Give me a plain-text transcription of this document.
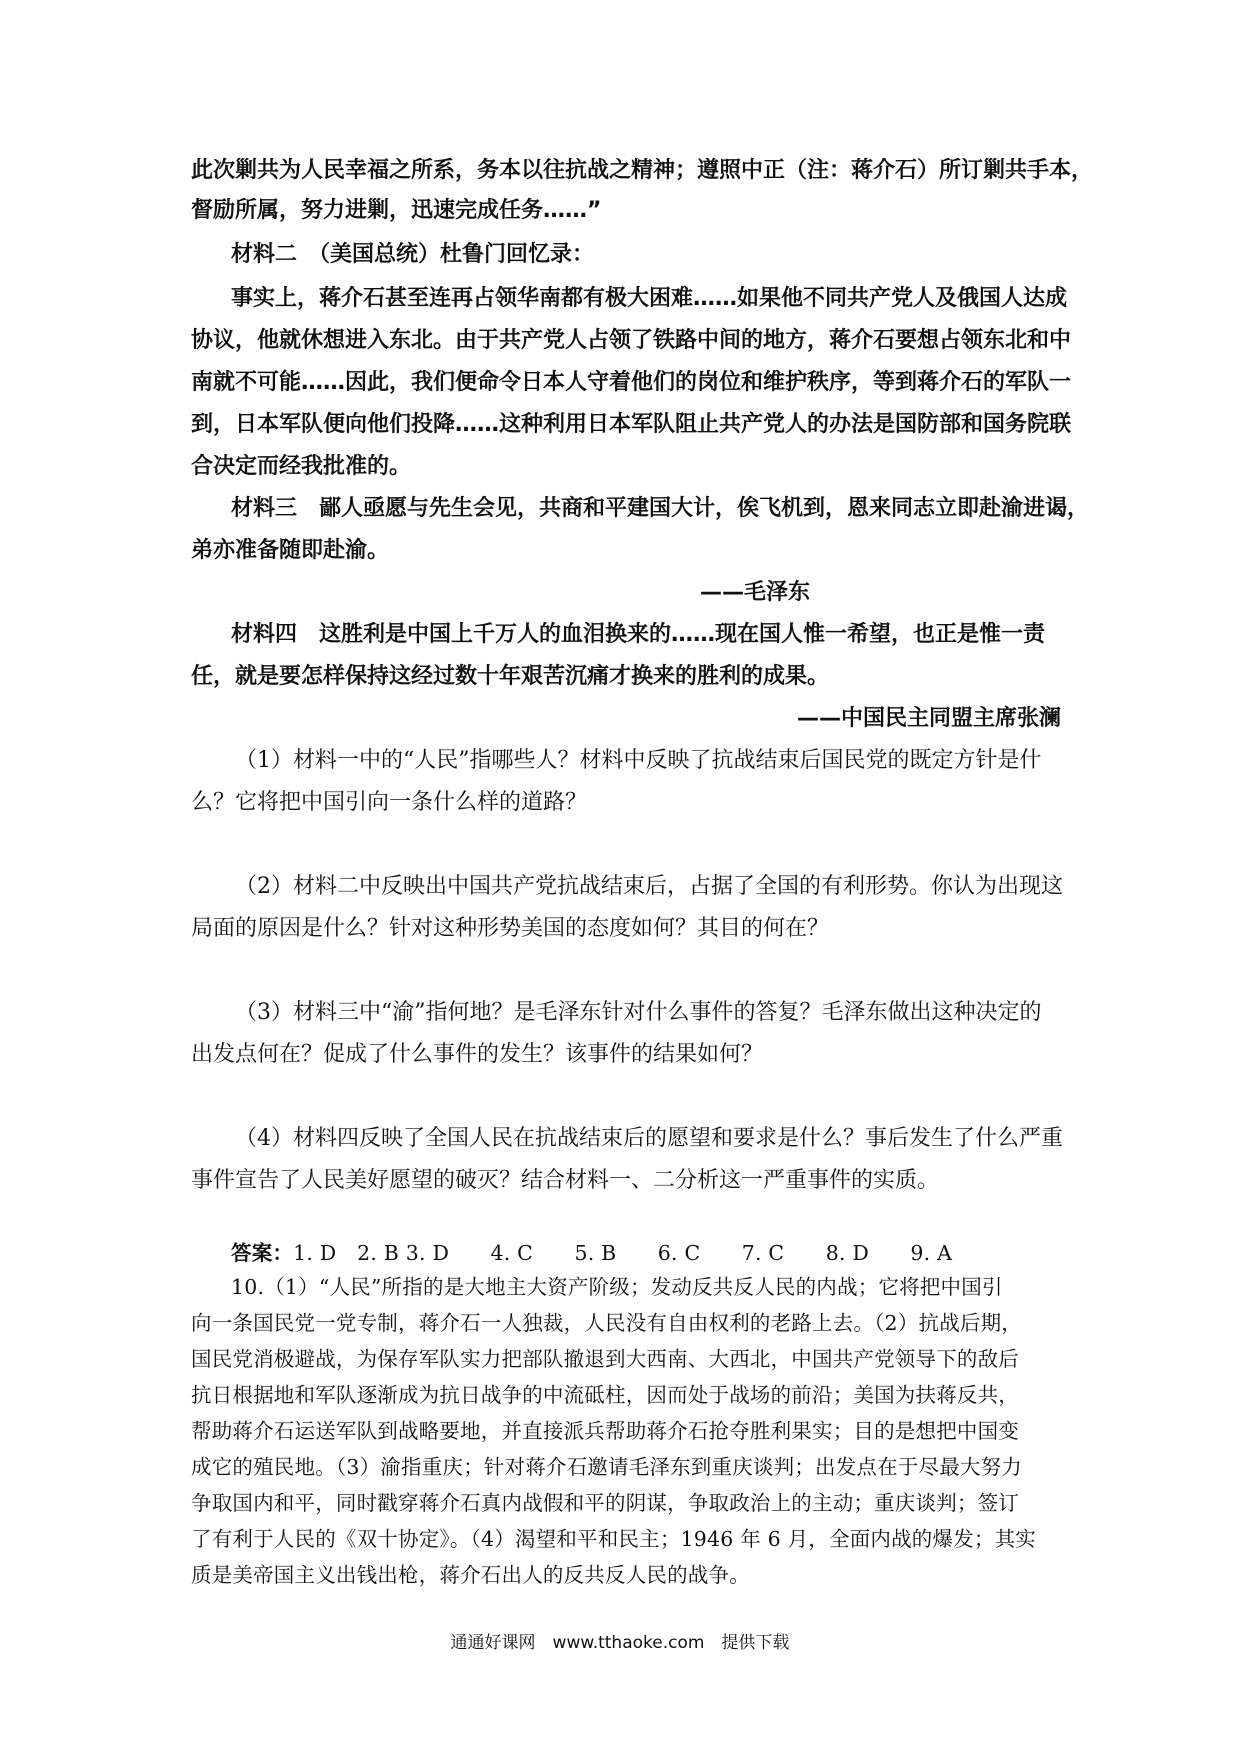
此次剿共为人民幸福之所系，务本以往抗战之精神；遵照中正（注：蒋介石）所订剿共手本，
督励所属，努力进剿，迅速完成任务……”
材料二　（美国总统）杜鲁门回忆录：
事实上，蒋介石甚至连再占领华南都有极大困难……如果他不同共产党人及俄国人达成
协议，他就休想进入东北。由于共产党人占领了铁路中间的地方，蒋介石要想占领东北和中
南就不可能……因此，我们便命令日本人守着他们的岗位和维护秩序，等到蒋介石的军队一
到，日本军队便向他们投降……这种利用日本军队阻止共产党人的办法是国防部和国务院联
合决定而经我批准的。
材料三　鄙人亟愿与先生会见，共商和平建国大计，俟飞机到，恩来同志立即赴渝进谒，
弟亦准备随即赴渝。
——毛泽东
材料四　这胜利是中国上千万人的血泪换来的……现在国人惟一希望，也正是惟一责
任，就是要怎样保持这经过数十年艰苦沉痛才换来的胜利的成果。
——中国民主同盟主席张澜
（1）材料一中的“人民”指哪些人？材料中反映了抗战结束后国民党的既定方针是什
么？它将把中国引向一条什么样的道路？
（2）材料二中反映出中国共产党抗战结束后，占据了全国的有利形势。你认为出现这
局面的原因是什么？针对这种形势美国的态度如何？其目的何在？
（3）材料三中“渝”指何地？是毛泽东针对什么事件的答复？毛泽东做出这种决定的
出发点何在？促成了什么事件的发生？该事件的结果如何？
（4）材料四反映了全国人民在抗战结束后的愿望和要求是什么？事后发生了什么严重
事件宣告了人民美好愿望的破灭？结合材料一、二分析这一严重事件的实质。
答案：1. D　2. B 3. D　　4. C　　5. B　　6. C　　7. C　　8. D　　9. A
10.（1）“人民”所指的是大地主大资产阶级；发动反共反人民的内战；它将把中国引
向一条国民党一党专制，蒋介石一人独裁，人民没有自由权利的老路上去。（2）抗战后期，
国民党消极避战，为保存军队实力把部队撤退到大西南、大西北，中国共产党领导下的敌后
抗日根据地和军队逐渐成为抗日战争的中流砥柱，因而处于战场的前沿；美国为扶蒋反共，
帮助蒋介石运送军队到战略要地，并直接派兵帮助蒋介石抢夺胜利果实；目的是想把中国变
成它的殖民地。（3）渝指重庆；针对蒋介石邀请毛泽东到重庆谈判；出发点在于尽最大努力
争取国内和平，同时戳穿蒋介石真内战假和平的阴谋，争取政治上的主动；重庆谈判；签订
了有利于人民的《双十协定》。（4）渴望和平和民主；1946 年 6 月，全面内战的爆发；其实
质是美帝国主义出钱出枪，蒋介石出人的反共反人民的战争。
通通好课网　www.tthaoke.com　提供下载
